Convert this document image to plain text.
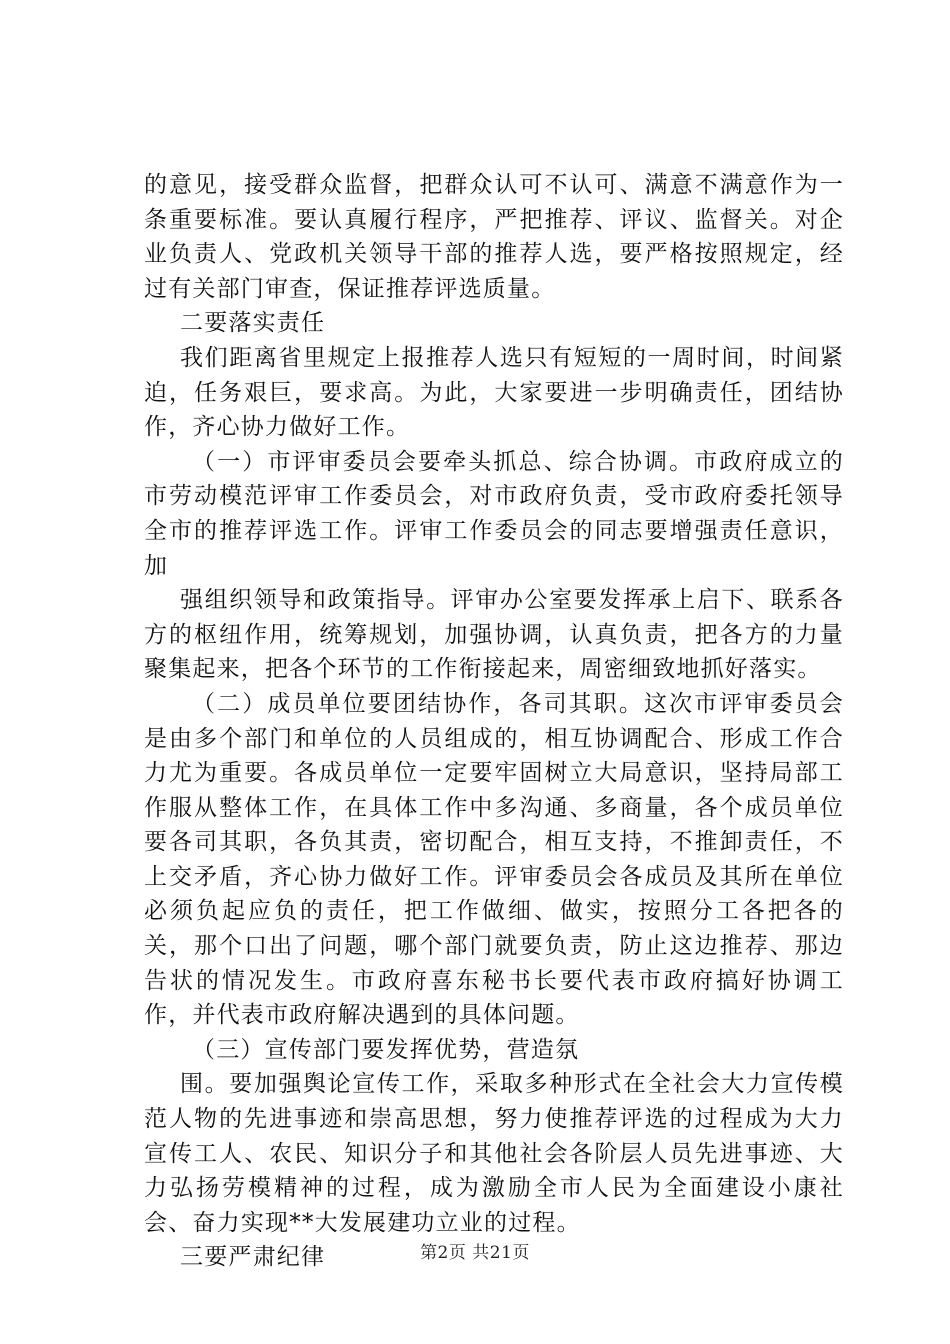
的意见，接受群众监督，把群众认可不认可、满意不满意作为一条重要标准。要认真履行程序，严把推荐、评议、监督关。对企业负责人、党政机关领导干部的推荐人选，要严格按照规定，经过有关部门审查，保证推荐评选质量。

二要落实责任

我们距离省里规定上报推荐人选只有短短的一周时间，时间紧迫，任务艰巨，要求高。为此，大家要进一步明确责任，团结协作，齐心协力做好工作。

（一）市评审委员会要牵头抓总、综合协调。市政府成立的市劳动模范评审工作委员会，对市政府负责，受市政府委托领导全市的推荐评选工作。评审工作委员会的同志要增强责任意识，加

强组织领导和政策指导。评审办公室要发挥承上启下、联系各方的枢纽作用，统筹规划，加强协调，认真负责，把各方的力量聚集起来，把各个环节的工作衔接起来，周密细致地抓好落实。

（二）成员单位要团结协作，各司其职。这次市评审委员会是由多个部门和单位的人员组成的，相互协调配合、形成工作合力尤为重要。各成员单位一定要牢固树立大局意识，坚持局部工作服从整体工作，在具体工作中多沟通、多商量，各个成员单位要各司其职，各负其责，密切配合，相互支持，不推卸责任，不上交矛盾，齐心协力做好工作。评审委员会各成员及其所在单位必须负起应负的责任，把工作做细、做实，按照分工各把各的关，那个口出了问题，哪个部门就要负责，防止这边推荐、那边告状的情况发生。市政府喜东秘书长要代表市政府搞好协调工作，并代表市政府解决遇到的具体问题。

（三）宣传部门要发挥优势，营造氛

围。要加强舆论宣传工作，采取多种形式在全社会大力宣传模范人物的先进事迹和崇高思想，努力使推荐评选的过程成为大力宣传工人、农民、知识分子和其他社会各阶层人员先进事迹、大力弘扬劳模精神的过程，成为激励全市人民为全面建设小康社会、奋力实现**大发展建功立业的过程。

三要严肃纪律	第2页 共21页
